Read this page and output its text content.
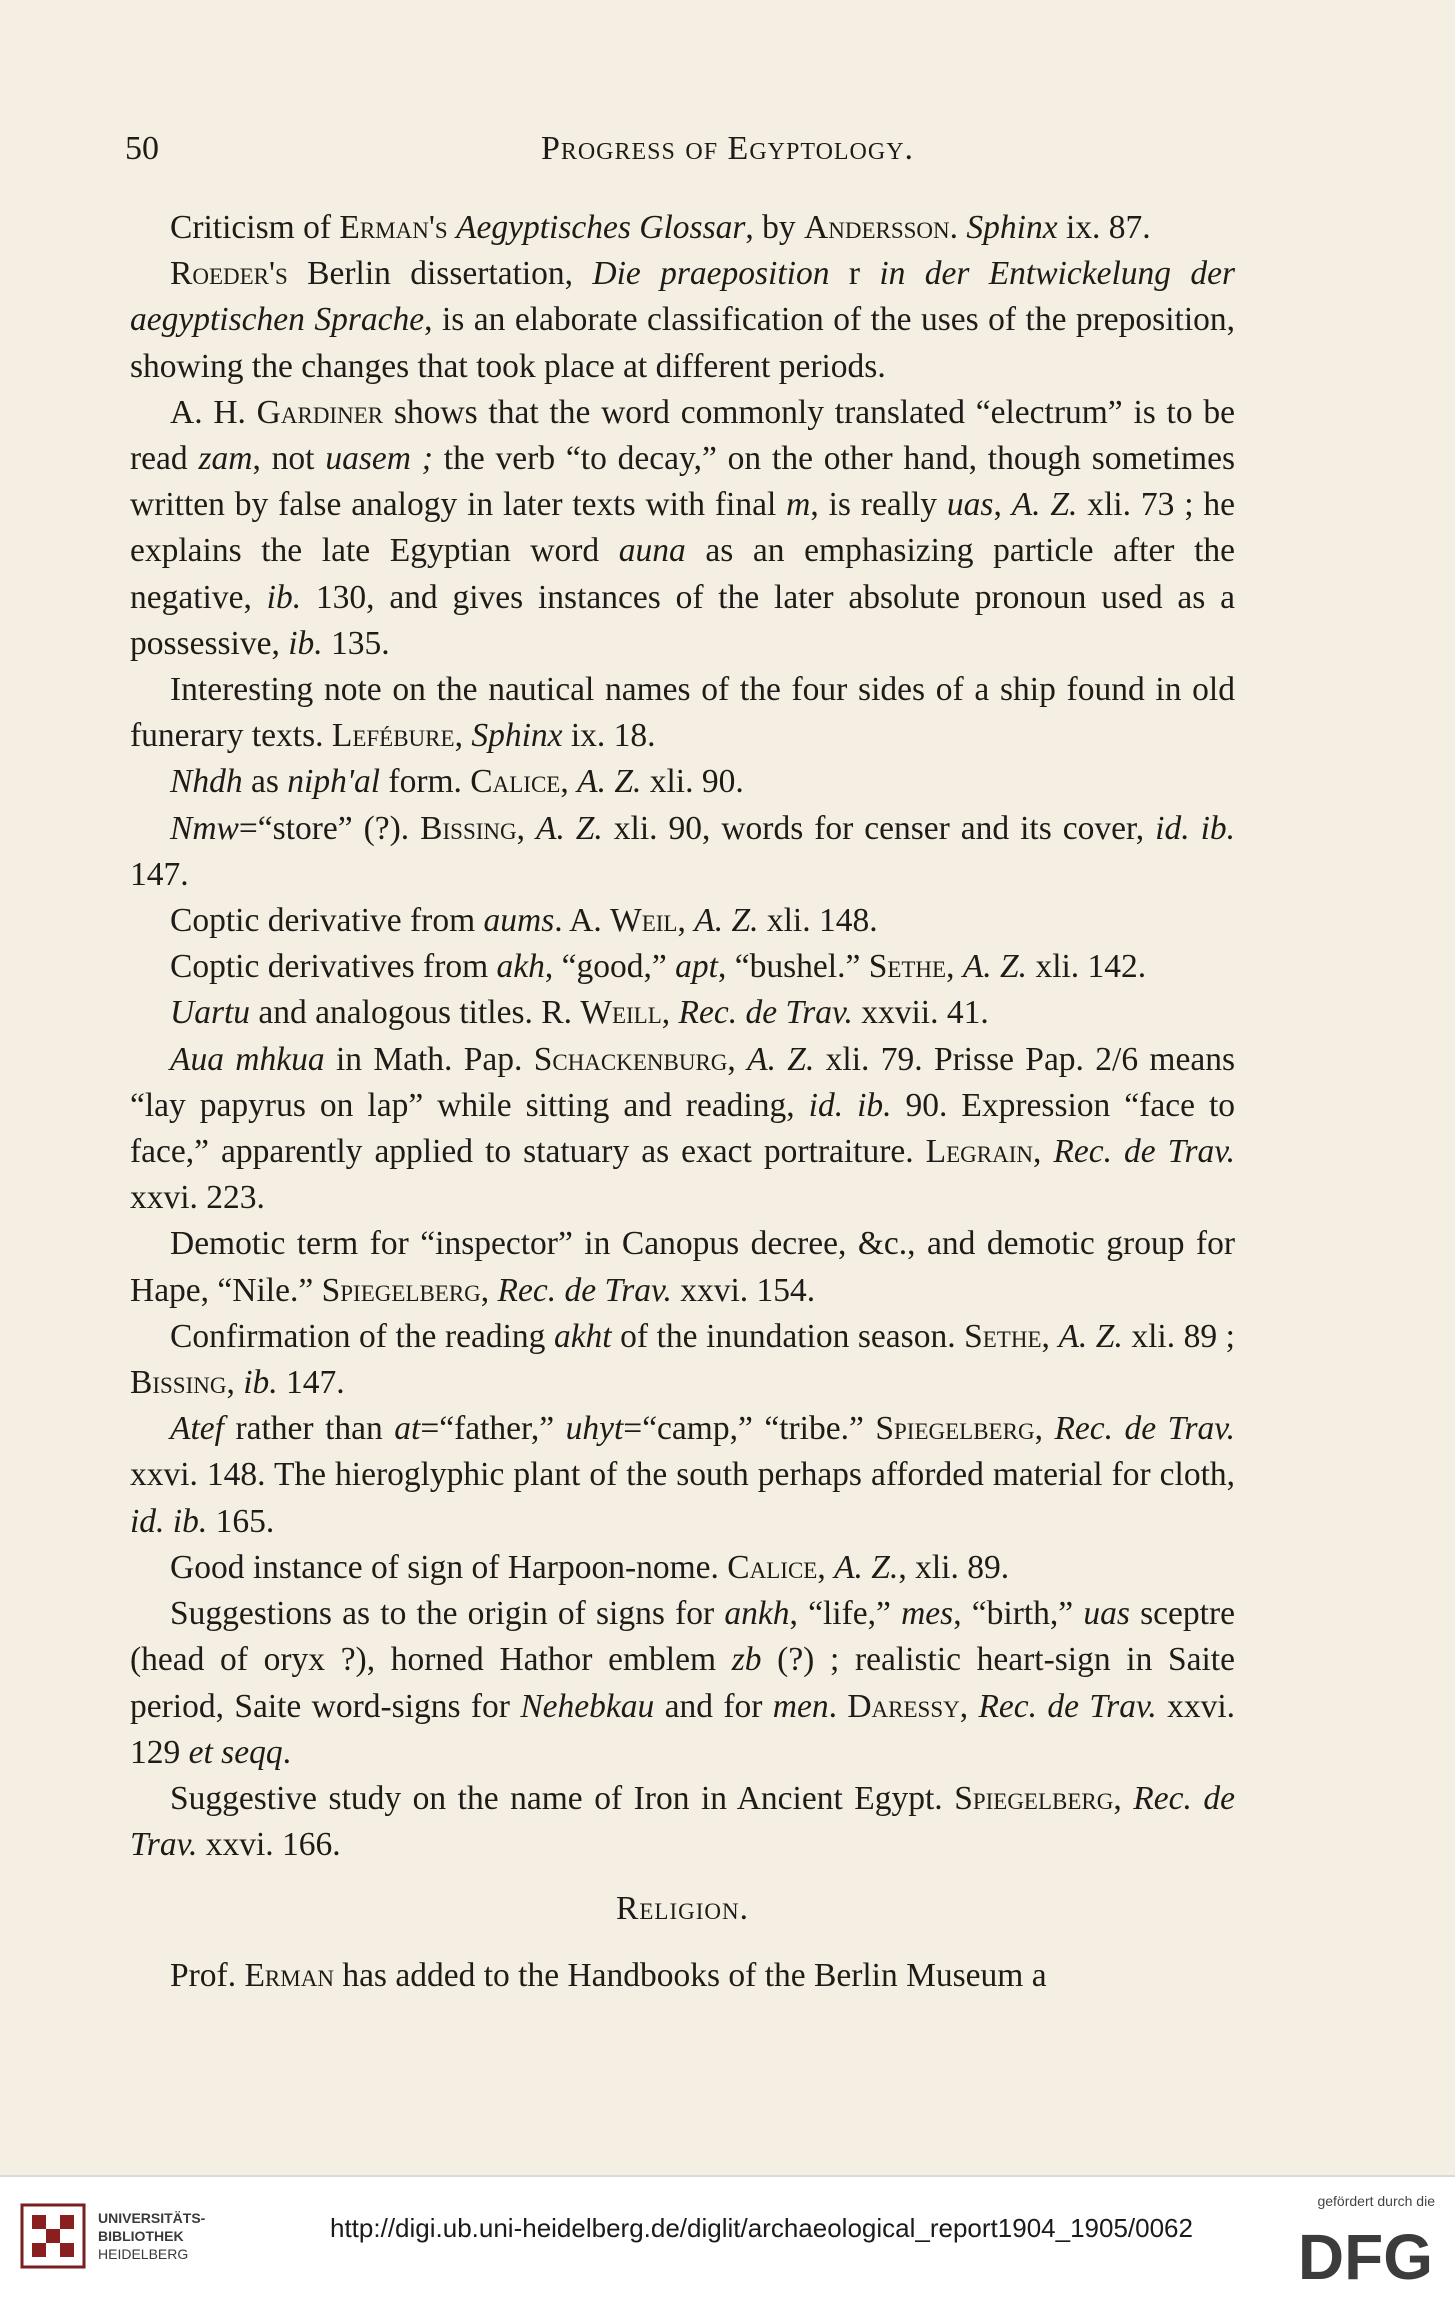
50	Progress of Egyptology.

Criticism of Erman's Aegyptisches Glossar, by Andersson. Sphinx ix. 87.

Roeder's Berlin dissertation, Die praeposition r in der Entwickelung der aegyptischen Sprache, is an elaborate classification of the uses of the preposition, showing the changes that took place at different periods.

A. H. Gardiner shows that the word commonly translated “electrum” is to be read zam, not uasem ; the verb “to decay,” on the other hand, though sometimes written by false analogy in later texts with final m, is really uas, A. Z. xli. 73 ; he explains the late Egyptian word auna as an emphasizing particle after the negative, ib. 130, and gives instances of the later absolute pronoun used as a possessive, ib. 135.

Interesting note on the nautical names of the four sides of a ship found in old funerary texts. Lefébure, Sphinx ix. 18.

Nhdh as niph'al form. Calice, A. Z. xli. 90.

Nmw=“store” (?). Bissing, A. Z. xli. 90, words for censer and its cover, id. ib. 147.

Coptic derivative from aums. A. Weil, A. Z. xli. 148.

Coptic derivatives from akh, “good,” apt, “bushel.” Sethe, A. Z. xli. 142.

Uartu and analogous titles. R. Weill, Rec. de Trav. xxvii. 41.

Aua mhkua in Math. Pap. Schackenburg, A. Z. xli. 79. Prisse Pap. 2/6 means “lay papyrus on lap” while sitting and reading, id. ib. 90. Expression “face to face,” apparently applied to statuary as exact portraiture. Legrain, Rec. de Trav. xxvi. 223.

Demotic term for “inspector” in Canopus decree, &c., and demotic group for Hape, “Nile.” Spiegelberg, Rec. de Trav. xxvi. 154.

Confirmation of the reading akht of the inundation season. Sethe, A. Z. xli. 89 ; Bissing, ib. 147.

Atef rather than at=“father,” uhyt=“camp,” “tribe.” Spiegelberg, Rec. de Trav. xxvi. 148. The hieroglyphic plant of the south perhaps afforded material for cloth, id. ib. 165.

Good instance of sign of Harpoon-nome. Calice, A. Z., xli. 89.

Suggestions as to the origin of signs for ankh, “life,” mes, “birth,” uas sceptre (head of oryx ?), horned Hathor emblem zb (?) ; realistic heart-sign in Saite period, Saite word-signs for Nehebkau and for men. Daressy, Rec. de Trav. xxvi. 129 et seqq.

Suggestive study on the name of Iron in Ancient Egypt. Spiegelberg, Rec. de Trav. xxvi. 166.

Religion.

Prof. Erman has added to the Handbooks of the Berlin Museum a

UNIVERSITÄTS-
BIBLIOTHEK
HEIDELBERG
http://digi.ub.uni-heidelberg.de/diglit/archaeological_report1904_1905/0062
gefördert durch die
DFG
